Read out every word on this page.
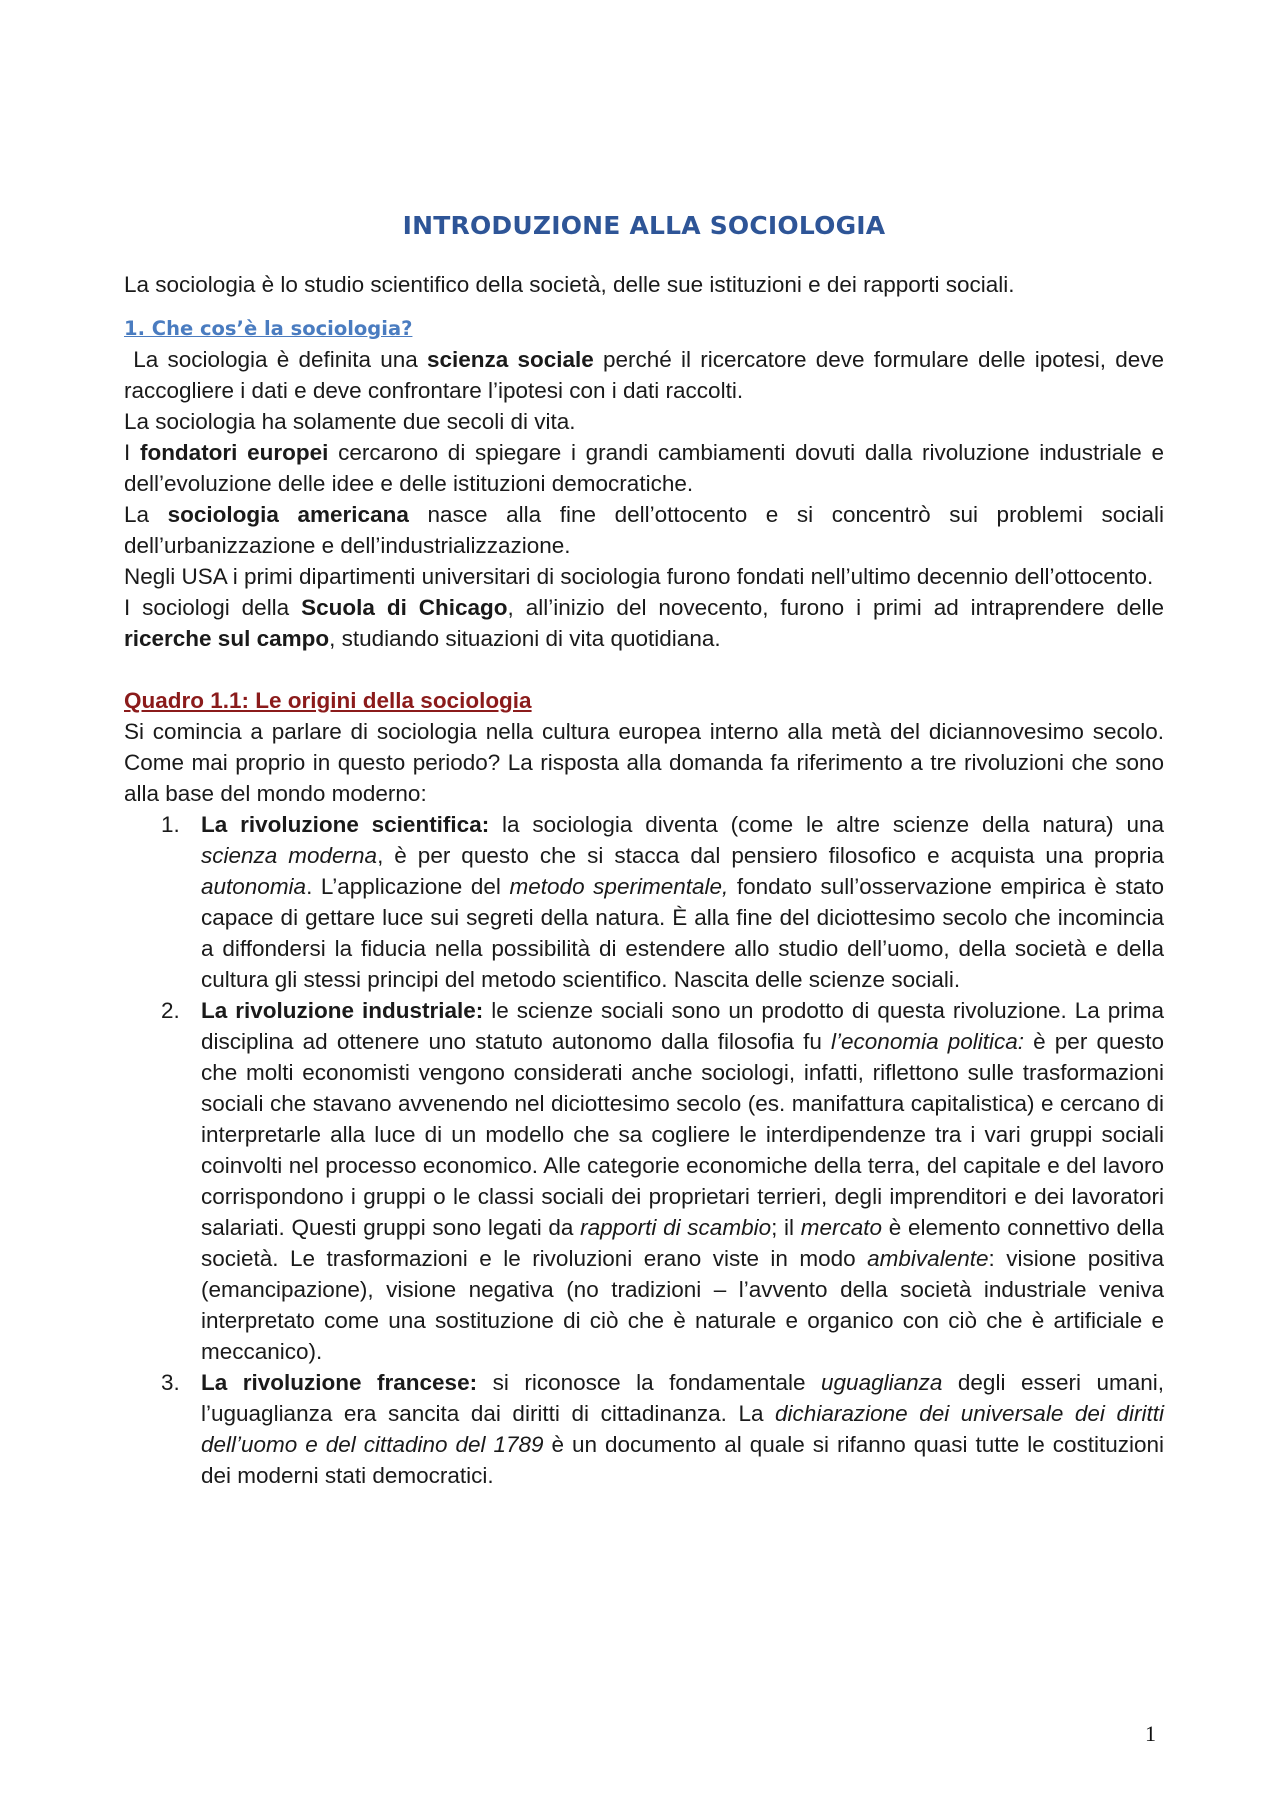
INTRODUZIONE ALLA SOCIOLOGIA

La sociologia è lo studio scientifico della società, delle sue istituzioni e dei rapporti sociali.

1. Che cos’è la sociologia?

La sociologia è definita una scienza sociale perché il ricercatore deve formulare delle ipotesi, deve raccogliere i dati e deve confrontare l’ipotesi con i dati raccolti.

La sociologia ha solamente due secoli di vita.

I fondatori europei cercarono di spiegare i grandi cambiamenti dovuti dalla rivoluzione industriale e dell’evoluzione delle idee e delle istituzioni democratiche.

La sociologia americana nasce alla fine dell’ottocento e si concentrò sui problemi sociali dell’urbanizzazione e dell’industrializzazione.

Negli USA i primi dipartimenti universitari di sociologia furono fondati nell’ultimo decennio dell’ottocento.

I sociologi della Scuola di Chicago, all’inizio del novecento, furono i primi ad intraprendere delle ricerche sul campo, studiando situazioni di vita quotidiana.

Quadro 1.1: Le origini della sociologia

Si comincia a parlare di sociologia nella cultura europea interno alla metà del diciannovesimo secolo. Come mai proprio in questo periodo? La risposta alla domanda fa riferimento a tre rivoluzioni che sono alla base del mondo moderno:

1. La rivoluzione scientifica: la sociologia diventa (come le altre scienze della natura) una scienza moderna, è per questo che si stacca dal pensiero filosofico e acquista una propria autonomia. L’applicazione del metodo sperimentale, fondato sull’osservazione empirica è stato capace di gettare luce sui segreti della natura. È alla fine del diciottesimo secolo che incomincia a diffondersi la fiducia nella possibilità di estendere allo studio dell’uomo, della società e della cultura gli stessi principi del metodo scientifico. Nascita delle scienze sociali.
2. La rivoluzione industriale: le scienze sociali sono un prodotto di questa rivoluzione. La prima disciplina ad ottenere uno statuto autonomo dalla filosofia fu l’economia politica: è per questo che molti economisti vengono considerati anche sociologi, infatti, riflettono sulle trasformazioni sociali che stavano avvenendo nel diciottesimo secolo (es. manifattura capitalistica) e cercano di interpretarle alla luce di un modello che sa cogliere le interdipendenze tra i vari gruppi sociali coinvolti nel processo economico. Alle categorie economiche della terra, del capitale e del lavoro corrispondono i gruppi o le classi sociali dei proprietari terrieri, degli imprenditori e dei lavoratori salariati. Questi gruppi sono legati da rapporti di scambio; il mercato è elemento connettivo della società. Le trasformazioni e le rivoluzioni erano viste in modo ambivalente: visione positiva (emancipazione), visione negativa (no tradizioni – l’avvento della società industriale veniva interpretato come una sostituzione di ciò che è naturale e organico con ciò che è artificiale e meccanico).
3. La rivoluzione francese: si riconosce la fondamentale uguaglianza degli esseri umani, l’uguaglianza era sancita dai diritti di cittadinanza. La dichiarazione dei universale dei diritti dell’uomo e del cittadino del 1789 è un documento al quale si rifanno quasi tutte le costituzioni dei moderni stati democratici.
1
